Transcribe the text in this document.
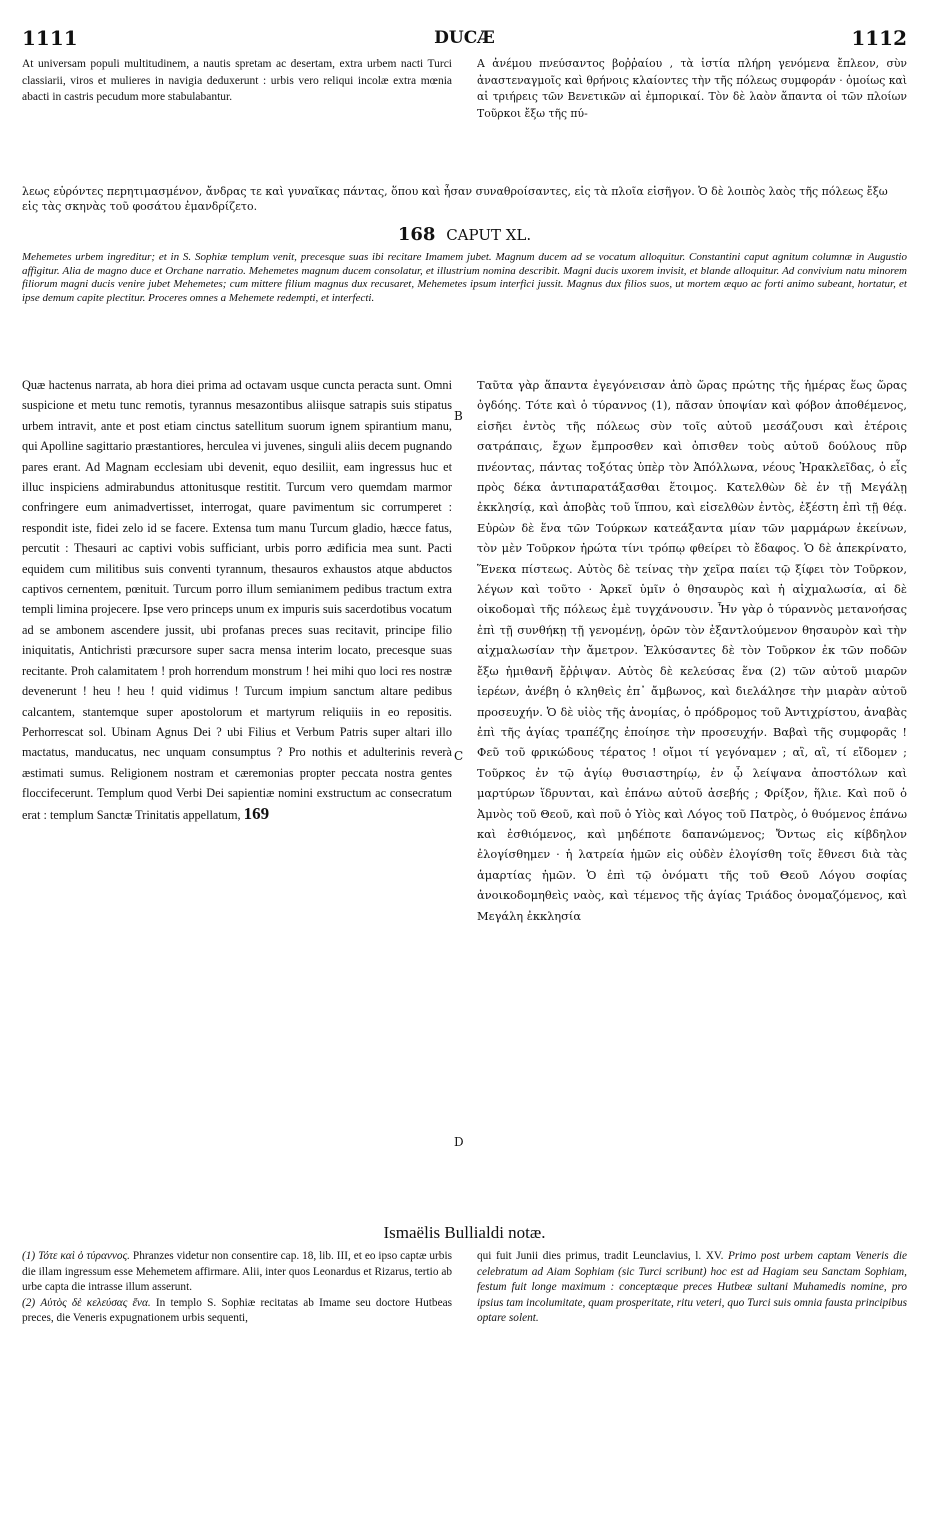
1111	DUCÆ	1112
At universam populi multitudinem, a nautis spretam ac desertam, extra urbem nacti Turci classiarii, viros et mulieres in navigia deduxerunt : urbis vero reliqui incolæ extra mœnia abacti in castris pecudum more stabulabantur.
A ἀνέμου πνεύσαντος βοῤῥαίου , τὰ ἱστία πλήρη γενόμενα ἔπλεον, σὺν ἀναστεναγμοῖς καὶ θρήνοις κλαίοντες τὴν τῆς πόλεως συμφοράν · ὁμοίως καὶ αἱ τριήρεις τῶν Βενετικῶν αἱ ἐμπορικαί. Τὸν δὲ λαὸν ἅπαντα οἱ τῶν πλοίων Τοῦρκοι ἔξω τῆς πύ-
λεως εὑρόντες πεpητιμασμένον, ἄνδρας τε καὶ γυναῖκας πάντας, ὅπου καὶ ἦσαν συναθροίσαντες, εἰς τὰ πλοῖα εἰσῆγον. Ὁ δὲ λοιπὸς λαὸς τῆς πόλεως ἔξω εἰς τὰς σκηνὰς τοῦ φοσάτου ἐμανδρίζετο.
168 CAPUT XL.
Mehemetes urbem ingreditur; et in S. Sophiæ templum venit, precesque suas ibi recitare Imamem jubet. Magnum ducem ad se vocatum alloquitur. Constantini caput agnitum columnæ in Augustio affigitur. Alia de magno duce et Orchane narratio. Mehemetes magnum ducem consolatur, et illustrium nomina describit. Magni ducis uxorem invisit, et blande alloquitur. Ad convivium natu minorem filiorum magni ducis venire jubet Mehemetes; cum mittere filium magnus dux recusaret, Mehemetes ipsum interfici jussit. Magnus dux filios suos, ut mortem æquo ac forti animo subeant, hortatur, et ipse demum capite plectitur. Proceres omnes a Mehemete redempti, et interfecti.
Quæ hactenus narrata, ab hora diei prima ad octavam usque cuncta peracta sunt. Omni suspicione et metu tunc remotis, tyrannus mesazontibus aliisque satrapis suis stipatus urbem intravit, ante et post etiam cinctus satellitum suorum ignem spirantium manu, qui Apolline sagittario præstantiores, herculea vi juvenes, singuli aliis decem pugnando pares erant. Ad Magnam ecclesiam ubi devenit, equo desiliit, eam ingressus huc et illuc inspiciens admirabundus attonitusque restitit. Turcum vero quemdam marmor confringere eum animadvertisset, interrogat, quare pavimentum sic corrumperet : respondit iste, fidei zelo id se facere. Extensa tum manu Turcum gladio, hæcce fatus, percutit : Thesauri ac captivi vobis sufficiant, urbis porro ædificia mea sunt. Pacti equidem cum militibus suis conventi tyrannum, thesauros exhaustos atque abductos captivos cernentem, pœnituit. Turcum porro illum semianimem pedibus tractum extra templi limina projecere. Ipse vero princeps unum ex impuris suis sacerdotibus vocatum ad se ambonem ascendere jussit, ubi profanas preces suas recitavit, principe filio iniquitatis, Antichristi præcursore super sacra mensa interim locato, precesque suas recitante. Proh calamitatem ! proh horrendum monstrum ! hei mihi quo loci res nostræ devenerunt ! heu ! heu ! quid vidimus ! Turcum impium sanctum altare pedibus calcantem, stantemque super apostolorum et martyrum reliquiis in eo repositis. Perhorrescat sol. Ubinam Agnus Dei ? ubi Filius et Verbum Patris super altari illo mactatus, manducatus, nec unquam consumptus ? Pro nothis et adulterinis reverà æstimati sumus. Religionem nostram et cæremonias propter peccata nostra gentes floccifecerunt. Templum quod Verbi Dei sapientiæ nomini exstructum ac consecratum erat : templum Sanctæ Trinitatis appellatum, 169
Ταῦτα γὰρ ἅπαντα ἐγεγόνεισαν ἀπὸ ὥρας πρώτης τῆς ἡμέρας ἕως ὥρας ὀγδόης. Τότε καὶ ὁ τύραννος (1), πᾶσαν ὑποψίαν καὶ φόβον ἀποθέμενος, εἰσῆει ἐντὸς τῆς πόλεως σὺν τοῖς αὐτοῦ μεσάζουσι καὶ ἑτέροις σατράπαις, ἔχων ἔμπροσθεν καὶ ὀπισθεν τοὺς αὐτοῦ δούλους πῦρ πνέοντας, πάντας τοξότας ὑπὲρ τὸν Ἀπόλλωνα, νέους Ἡρακλεῖδας, ὁ εἷς πρὸς δέκα ἀντιπαρατάξασθαι ἕτοιμος. Κατελθὼν δὲ ἐν τῇ Μεγάλῃ ἐκκλησίᾳ, καὶ ἀποβὰς τοῦ ἵππου, καὶ εἰσελθὼν ἐντὸς, ἐξέστη ἐπὶ τῇ θέᾳ. Εὑρὼν δὲ ἕνα τῶν Τούρκων κατεάξαντα μίαν τῶν μαρμάρων ἐκείνων, τὸν μὲν Τοῦρκον ἠρώτα τίνι τρόπῳ φθείρει τὸ ἔδαφος. Ὁ δὲ ἀπεκρίνατο, Ἕνεκα πίστεως. Αὐτὸς δὲ τείνας τὴν χεῖρα παίει τῷ ξίφει τὸν Τοῦρκον, λέγων καὶ τοῦτο · Ἀρκεῖ ὑμῖν ὁ θησαυρὸς καὶ ἡ αἰχμαλωσία, αἱ δὲ οἰκοδομαὶ τῆς πόλεως ἐμὲ τυγχάνουσιν. Ἦν γὰρ ὁ τύραννὸς μετανοήσας ἐπὶ τῇ συνθήκῃ τῇ γενομένῃ, ὁρῶν τὸν ἐξαντλούμενον θησαυρὸν καὶ τὴν αἰχμαλωσίαν τὴν ἄμετρον. Ἑλκύσαντες δὲ τὸν Τοῦρκον ἐκ τῶν ποδῶν ἔξω ἡμιθανῆ ἔῤῥιψαν. Αὐτὸς δὲ κελεύσας ἕνα (2) τῶν αὐτοῦ μιαρῶν ἱερέων, ἀνέβη ὁ κληθεὶς ἐπ᾽ ἄμβωνος, καὶ διελάλησε τὴν μιαρὰν αὐτοῦ προσευχήν. Ὁ δὲ υἱὸς τῆς ἀνομίας, ὁ πρόδρομος τοῦ Ἀντιχρίστου, ἀναβὰς ἐπὶ τῆς ἁγίας τραπέζης ἐποίησε τὴν προσευχήν. Βαβαὶ τῆς συμφορᾶς ! Φεῦ τοῦ φρικώδους τέρατος ! οἴμοι τί γεγόναμεν ; αἲ, αἲ, τί εἴδομεν ; Τοῦρκος ἐν τῷ ἁγίῳ θυσιαστηρίῳ, ἐν ᾧ λείψανα ἀποστόλων καὶ μαρτύρων ἵδρυνται, καὶ ἐπάνω αὐτοῦ ἀσεβής ; Φρίξον, ἥλιε. Καὶ ποῦ ὁ Ἀμνὸς τοῦ Θεοῦ, καὶ ποῦ ὁ Υἱὸς καὶ Λόγος τοῦ Πατρὸς, ὁ θυόμενος ἐπάνω καὶ ἐσθιόμενος, καὶ μηδέποτε δαπανώμενος; Ὄντως εἰς κίβδηλον ἐλογίσθημεν · ἡ λατρεία ἡμῶν εἰς οὐδὲν ἐλογίσθη τοῖς ἔθνεσι διὰ τὰς ἁμαρτίας ἡμῶν. Ὁ ἐπὶ τῷ ὀνόματι τῆς τοῦ Θεοῦ Λόγου σοφίας ἀνοικοδομηθεὶς ναὸς, καὶ τέμενος τῆς ἁγίας Τριάδος ὀνομαζόμενος, καὶ Μεγάλη ἐκκλησία
B
C
D
Ismaëlis Bullialdi notæ.
(1) Τότε καὶ ὁ τύραννος. Phranzes videtur non consentire cap. 18, lib. III, et eo ipso captæ urbis die illam ingressum esse Mehemetem affirmare. Alii, inter quos Leonardus et Rizarus, tertio ab urbe capta die intrasse illum asserunt.
(2) Αὐτὸς δὲ κελεύσας ἕνα. In templo S. Sophiæ recitatas ab Imame seu doctore Hutbeas preces, die Veneris expugnationem urbis sequenti,
qui fuit Junii dies primus, tradit Leunclavius, l. XV. Primo post urbem captam Veneris die celebratum ad Aiam Sophiam (sic Turci scribunt) hoc est ad Hagiam seu Sanctam Sophiam, festum fuit longe maximum : conceptæque preces Hutbeæ sultani Muhamedis nomine, pro ipsius tam incolumitate, quam prosperitate, ritu veteri, quo Turci suis omnia fausta principibus optare solent.
